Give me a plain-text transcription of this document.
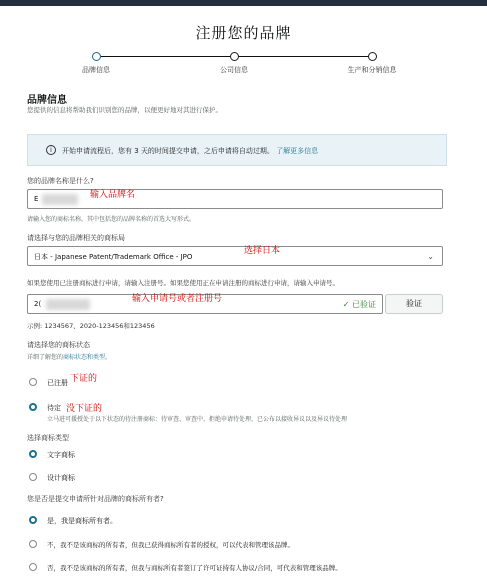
注册您的品牌
品牌信息	公司信息	生产和分销信息
品牌信息
您提供的信息将帮助我们识别您的品牌，以便更好地对其进行保护。
i	开始申请流程后，您有 3 天的时间提交申请，之后申请将自动过期。 了解更多信息
您的品牌名称是什么?
E	输入品牌名
请输入您的商标名称，其中包括您的品牌名称的首选大写形式。
请选择与您的品牌相关的商标局
日本 - Japanese Patent/Trademark Office - JPO	⌄
选择日本
如果您使用已注册商标进行申请，请输入注册号。如果您使用正在申请注册的商标进行申请，请输入申请号。
2(	✓ 已验证
输入申请号或者注册号	验证
示例: 1234567、2020-123456和123456
请选择您的商标状态
详细了解您的商标状态和类型。
已注册 下证的
待定 没下证的
立马进可援授处于以下状态的待注册商标：待审查、审查中、拒绝申请待处理、已公布以接收异议以及异议待处理
选择商标类型
文字商标
设计商标
您是否是提交申请所针对品牌的商标所有者?
是，我是商标所有者。
不，我不是该商标的所有者，但我已获得商标所有者的授权，可以代表和管理该品牌。
否，我不是该商标的所有者，但我与商标所有者签订了许可证持有人协议/合同，可代表和管理该品牌。
